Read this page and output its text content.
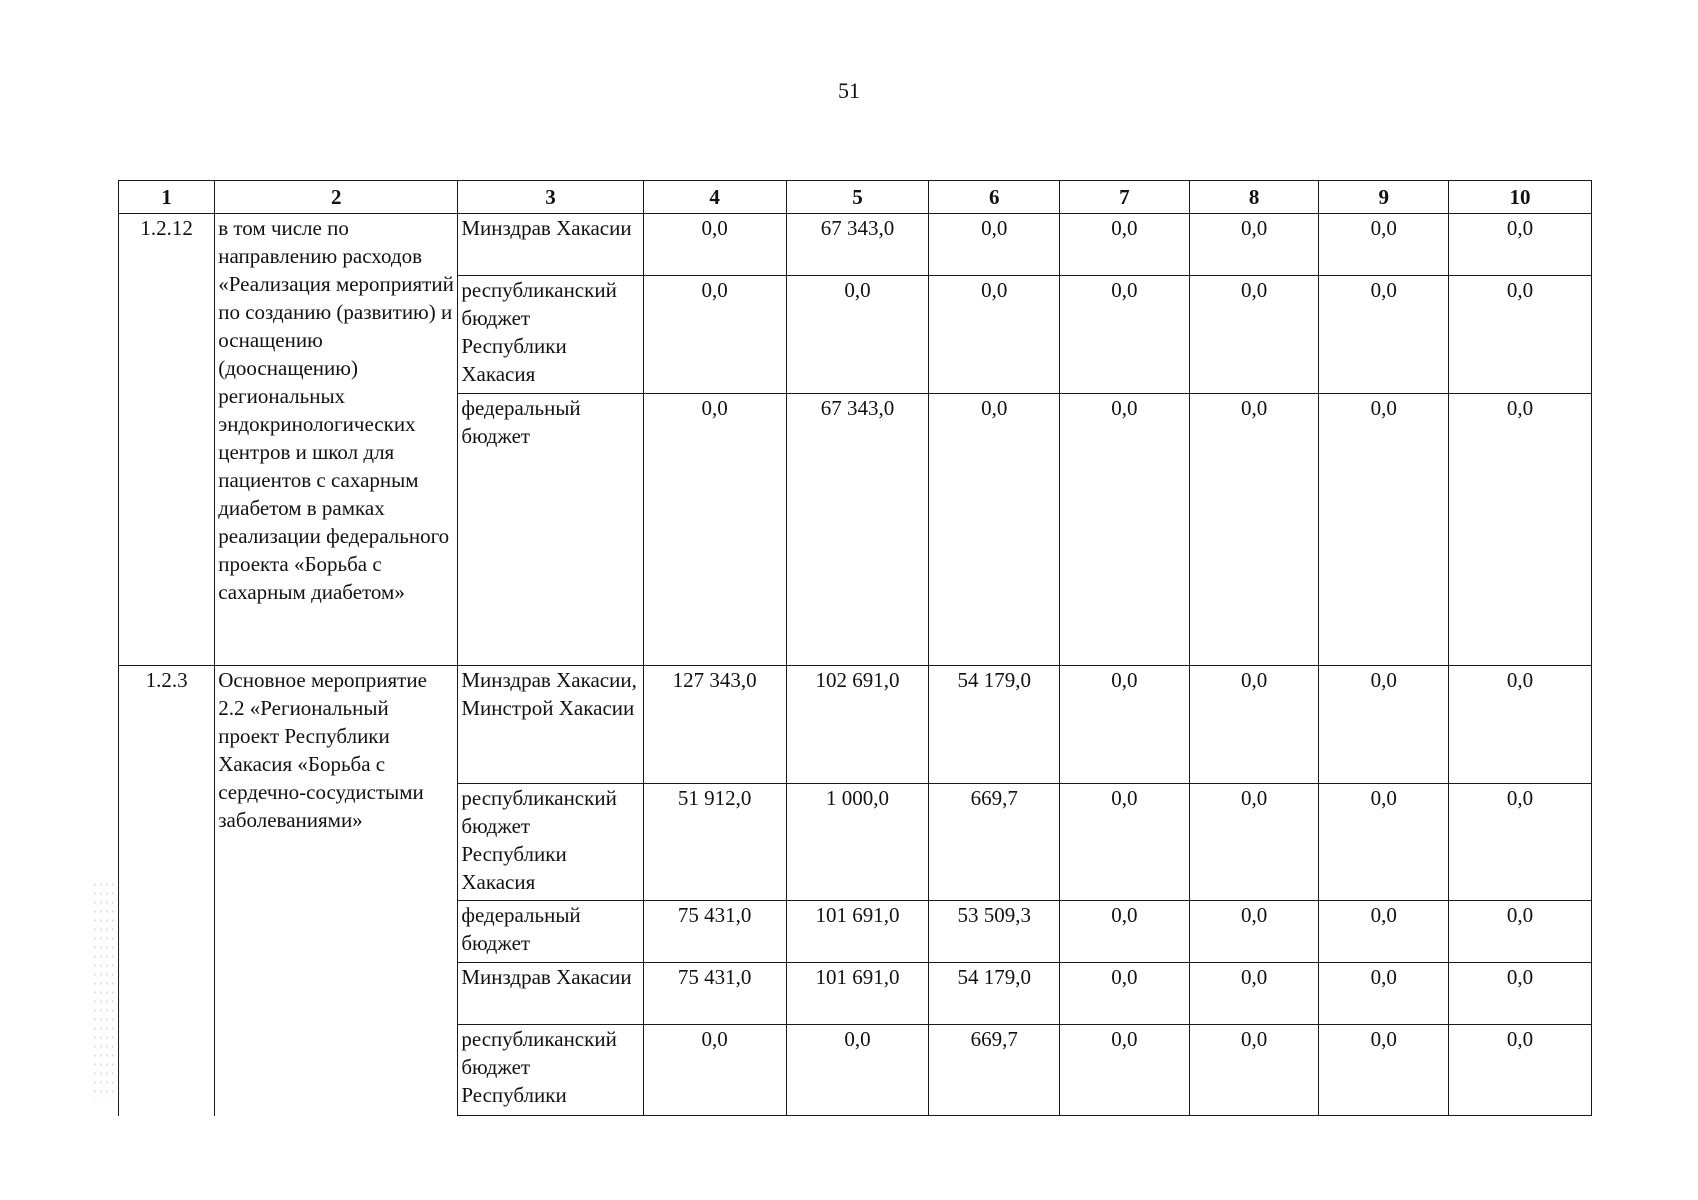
51
1	2	3	4	5	6	7	8	9	10
1.2.12	в том числе по направлению расходов «Реализация мероприятий по созданию (развитию) и оснащению (дооснащению) региональных эндокринологических центров и школ для пациентов с сахарным диабетом в рамках реализации федерального проекта «Борьба с сахарным диабетом»	Минздрав Хакасии	0,0	67 343,0	0,0	0,0	0,0	0,0	0,0
		республиканский бюджет Республики Хакасия	0,0	0,0	0,0	0,0	0,0	0,0	0,0
		федеральный бюджет	0,0	67 343,0	0,0	0,0	0,0	0,0	0,0
1.2.3	Основное мероприятие 2.2 «Региональный проект Республики Хакасия «Борьба с сердечно-сосудистыми заболеваниями»	Минздрав Хакасии, Минстрой Хакасии	127 343,0	102 691,0	54 179,0	0,0	0,0	0,0	0,0
		республиканский бюджет Республики Хакасия	51 912,0	1 000,0	669,7	0,0	0,0	0,0	0,0
		федеральный бюджет	75 431,0	101 691,0	53 509,3	0,0	0,0	0,0	0,0
		Минздрав Хакасии	75 431,0	101 691,0	54 179,0	0,0	0,0	0,0	0,0
		республиканский бюджет Республики	0,0	0,0	669,7	0,0	0,0	0,0	0,0
